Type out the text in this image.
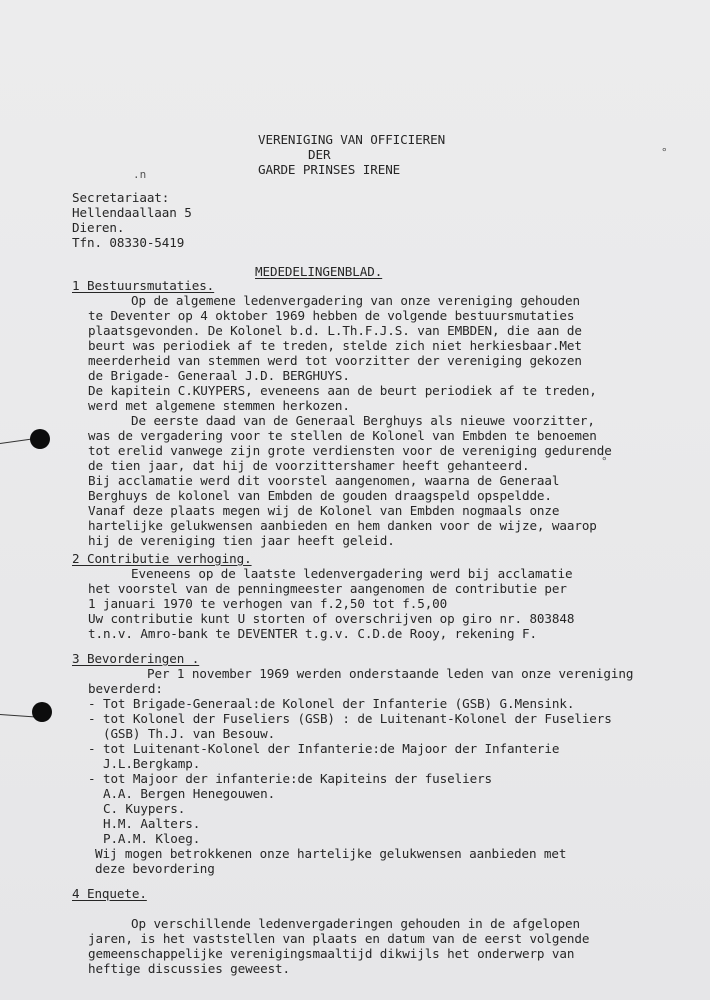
.n
°
°
VERENIGING VAN OFFICIEREN
DER
GARDE PRINSES IRENE
Secretariaat:
Hellendaallaan 5
Dieren.
Tfn. 08330-5419
MEDEDELINGENBLAD.
1 Bestuursmutaties.
Op de algemene ledenvergadering van onze vereniging gehouden
te Deventer op 4 oktober 1969 hebben de volgende bestuursmutaties
plaatsgevonden. De Kolonel b.d. L.Th.F.J.S. van EMBDEN, die aan de
beurt was periodiek af te treden, stelde zich niet herkiesbaar.Met
meerderheid van stemmen werd tot voorzitter der vereniging gekozen
de Brigade- Generaal J.D. BERGHUYS.
De kapitein C.KUYPERS, eveneens aan de beurt periodiek af te treden,
werd met algemene stemmen herkozen.
De eerste daad van de Generaal Berghuys als nieuwe voorzitter,
was de vergadering voor te stellen de Kolonel van Embden te benoemen
tot erelid vanwege zijn grote verdiensten voor de vereniging gedurende
de tien jaar, dat hij de voorzittershamer heeft gehanteerd.
Bij acclamatie werd dit voorstel aangenomen, waarna de Generaal
Berghuys de kolonel van Embden de gouden draagspeld opspeldde.
Vanaf deze plaats megen wij de Kolonel van Embden nogmaals onze
hartelijke gelukwensen aanbieden en hem danken voor de wijze, waarop
hij de vereniging tien jaar heeft geleid.
2 Contributie verhoging.
Eveneens op de laatste ledenvergadering werd bij acclamatie
het voorstel van de penningmeester aangenomen de contributie per
1 januari 1970 te verhogen van f.2,50 tot f.5,00
Uw contributie kunt U storten of overschrijven op giro nr. 803848
t.n.v. Amro-bank te DEVENTER t.g.v. C.D.de Rooy, rekening F.
3 Bevorderingen .
Per 1 november 1969 werden onderstaande leden van onze vereniging
beverderd:
- Tot Brigade-Generaal:de Kolonel der Infanterie (GSB) G.Mensink.
- tot Kolonel der Fuseliers (GSB) : de Luitenant-Kolonel der Fuseliers
(GSB) Th.J. van Besouw.
- tot Luitenant-Kolonel der Infanterie:de Majoor der Infanterie
J.L.Bergkamp.
- tot Majoor der infanterie:de Kapiteins der fuseliers
A.A. Bergen Henegouwen.
C. Kuypers.
H.M. Aalters.
P.A.M. Kloeg.
Wij mogen betrokkenen onze hartelijke gelukwensen aanbieden met
deze bevordering
4 Enquete.
Op verschillende ledenvergaderingen gehouden in de afgelopen
jaren, is het vaststellen van plaats en datum van de eerst volgende
gemeenschappelijke verenigingsmaaltijd dikwijls het onderwerp van
heftige discussies geweest.
